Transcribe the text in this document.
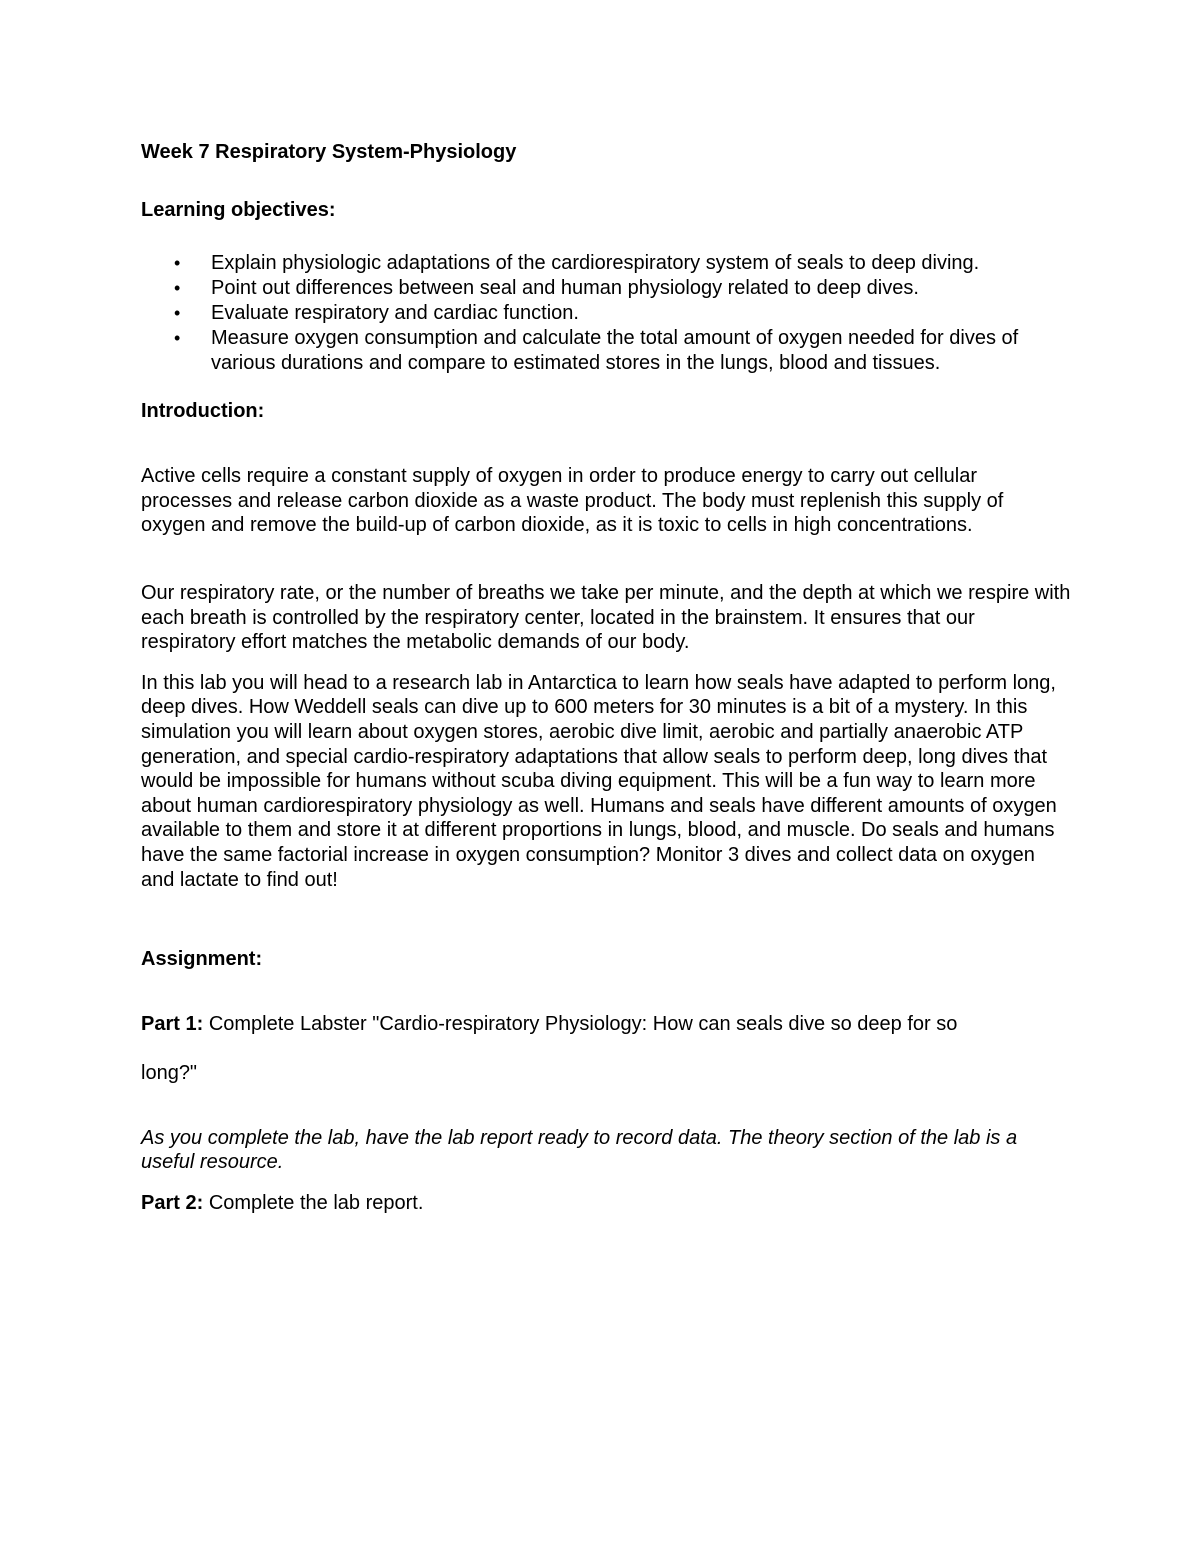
Week 7 Respiratory System-Physiology
Learning objectives:
• Explain physiologic adaptations of the cardiorespiratory system of seals to deep diving.
• Point out differences between seal and human physiology related to deep dives.
• Evaluate respiratory and cardiac function.
• Measure oxygen consumption and calculate the total amount of oxygen needed for dives of various durations and compare to estimated stores in the lungs, blood and tissues.
Introduction:

Active cells require a constant supply of oxygen in order to produce energy to carry out cellular processes and release carbon dioxide as a waste product. The body must replenish this supply of oxygen and remove the build-up of carbon dioxide, as it is toxic to cells in high concentrations.

Our respiratory rate, or the number of breaths we take per minute, and the depth at which we respire with each breath is controlled by the respiratory center, located in the brainstem. It ensures that our respiratory effort matches the metabolic demands of our body.

In this lab you will head to a research lab in Antarctica to learn how seals have adapted to perform long, deep dives. How Weddell seals can dive up to 600 meters for 30 minutes is a bit of a mystery. In this simulation you will learn about oxygen stores, aerobic dive limit, aerobic and partially anaerobic ATP generation, and special cardio-respiratory adaptations that allow seals to perform deep, long dives that would be impossible for humans without scuba diving equipment. This will be a fun way to learn more about human cardiorespiratory physiology as well. Humans and seals have different amounts of oxygen available to them and store it at different proportions in lungs, blood, and muscle. Do seals and humans have the same factorial increase in oxygen consumption? Monitor 3 dives and collect data on oxygen and lactate to find out!

Assignment:

Part 1: Complete Labster "Cardio-respiratory Physiology: How can seals dive so deep for so

long?"

As you complete the lab, have the lab report ready to record data. The theory section of the lab is a useful resource.

Part 2: Complete the lab report.
